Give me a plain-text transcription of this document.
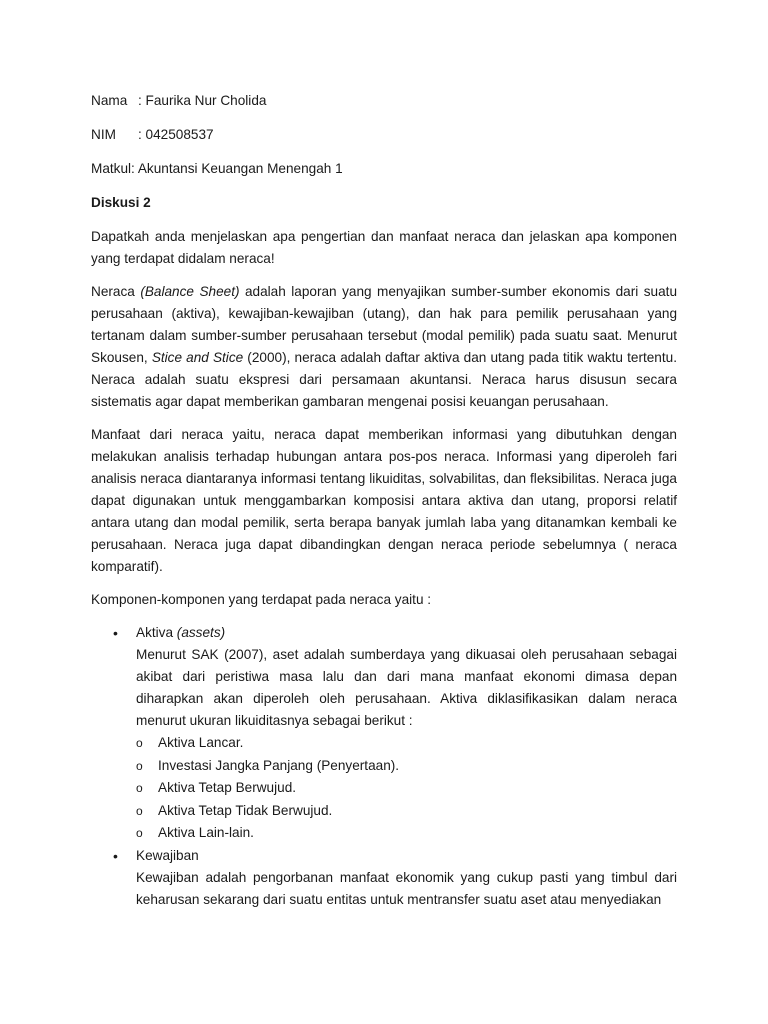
Nama : Faurika Nur Cholida
NIM : 042508537
Matkul: Akuntansi Keuangan Menengah 1
Diskusi 2

Dapatkah anda menjelaskan apa pengertian dan manfaat neraca dan jelaskan apa komponen yang terdapat didalam neraca!

Neraca (Balance Sheet) adalah laporan yang menyajikan sumber-sumber ekonomis dari suatu perusahaan (aktiva), kewajiban-kewajiban (utang), dan hak para pemilik perusahaan yang tertanam dalam sumber-sumber perusahaan tersebut (modal pemilik) pada suatu saat. Menurut Skousen, Stice and Stice (2000), neraca adalah daftar aktiva dan utang pada titik waktu tertentu. Neraca adalah suatu ekspresi dari persamaan akuntansi. Neraca harus disusun secara sistematis agar dapat memberikan gambaran mengenai posisi keuangan perusahaan.

Manfaat dari neraca yaitu, neraca dapat memberikan informasi yang dibutuhkan dengan melakukan analisis terhadap hubungan antara pos-pos neraca. Informasi yang diperoleh fari analisis neraca diantaranya informasi tentang likuiditas, solvabilitas, dan fleksibilitas. Neraca juga dapat digunakan untuk menggambarkan komposisi antara aktiva dan utang, proporsi relatif antara utang dan modal pemilik, serta berapa banyak jumlah laba yang ditanamkan kembali ke perusahaan. Neraca juga dapat dibandingkan dengan neraca periode sebelumnya ( neraca komparatif).

Komponen-komponen yang terdapat pada neraca yaitu :

• Aktiva (assets)

Menurut SAK (2007), aset adalah sumberdaya yang dikuasai oleh perusahaan sebagai akibat dari peristiwa masa lalu dan dari mana manfaat ekonomi dimasa depan diharapkan akan diperoleh oleh perusahaan. Aktiva diklasifikasikan dalam neraca menurut ukuran likuiditasnya sebagai berikut :

o Aktiva Lancar.
o Investasi Jangka Panjang (Penyertaan).
o Aktiva Tetap Berwujud.
o Aktiva Tetap Tidak Berwujud.
o Aktiva Lain-lain.
• Kewajiban

Kewajiban adalah pengorbanan manfaat ekonomik yang cukup pasti yang timbul dari keharusan sekarang dari suatu entitas untuk mentransfer suatu aset atau menyediakan
